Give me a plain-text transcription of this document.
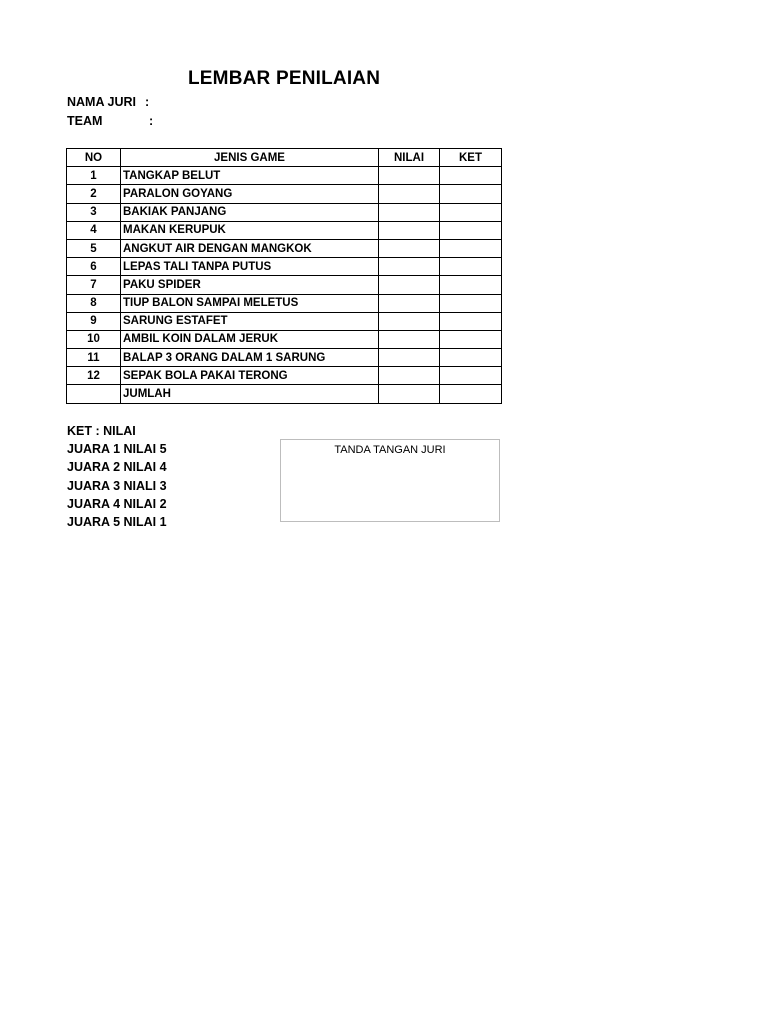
LEMBAR PENILAIAN
NAMA JURI :
TEAM	:
NO	JENIS GAME	NILAI	KET
1	TANGKAP BELUT		
2	PARALON GOYANG		
3	BAKIAK PANJANG		
4	MAKAN KERUPUK		
5	ANGKUT AIR DENGAN MANGKOK		
6	LEPAS TALI TANPA PUTUS		
7	PAKU SPIDER		
8	TIUP BALON SAMPAI MELETUS		
9	SARUNG ESTAFET		
10	AMBIL KOIN DALAM JERUK		
11	BALAP 3 ORANG DALAM 1 SARUNG		
12	SEPAK BOLA PAKAI TERONG		
	JUMLAH		
KET : NILAI
JUARA 1 NILAI 5
JUARA 2 NILAI 4
JUARA 3 NIALI 3
JUARA 4 NILAI 2
JUARA 5 NILAI 1
TANDA TANGAN JURI
